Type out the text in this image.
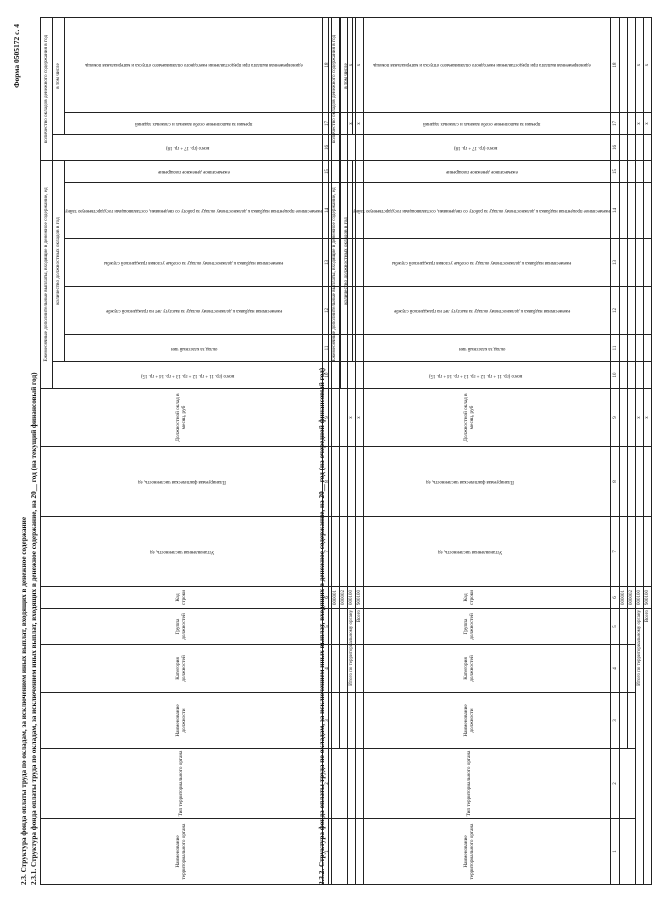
Форма 0505172 с. 4
2.3. Структура фонда оплаты труда по окладам, за исключением иных выплат, входящих в денежное содержание 2.3.1. Структура фонда оплаты труда по окладам, за исключением иных выплат, входящих в денежное содержание, на 20__ год (на текущий финансовый год)	Наименование территориального органа	Тип территориального органа	Наименование должности	Категория должностей	Группа должностей	Код строки	Установленная численность, ед	Планируемая фактическая численность, ед	Должностной оклад в месяц, руб	Ежемесячные дополнительные выплаты, входящие в денежное содержание, ед						количество окладов денежного содержания в год		

									всего (гр. 11 + гр. 12 + гр. 13 + гр. 14 + гр. 15)	количество должностных окладов в год					всего (гр. 17 + гр. 18)	в том числе	

										оклад за классный чин	ежемесячная надбавка к должностному окладу за выслугу лет на гражданской службе	ежемесячная надбавка к должностному окладу за особые условия гражданской службы	ежемесячное процентная надбавка к должностному окладу за работу со сведениями, составляющими государственную тайну	ежемесячное денежное поощрение		премии за выполнение особо важных и сложных заданий	единовременная выплата при предоставлении ежегодного оплачиваемого отпуска и материальная помощь

1	2	3	4	5	6	7	8	9	10	11	12	13	14	15	16	17	18
					000001												
					000002												
Итого по территориальному органу					000100			x								x	x
Всего					900100			x								x	x
2.3.2. Структура фонда оплаты труда по окладам, за исключением иных выплат, входящих в денежное содержание, на 20__ год (на очередной финансовый год)	Наименование территориального органа	Тип территориального органа	Наименование должности	Категория должностей	Группа должностей	Код строки	Установленная численность, ед	Планируемая фактическая численность, ед	Должностной оклад в месяц, руб	Ежемесячные дополнительные выплаты, входящие в денежное содержание, ед						количество окладов денежного содержания в год		

									всего (гр. 11 + гр. 12 + гр. 13 + гр. 14 + гр. 15)	количество должностных окладов в год					всего (гр. 17 + гр. 18)	в том числе	

										оклад за классный чин	ежемесячная надбавка к должностному окладу за выслугу лет на гражданской службе	ежемесячная надбавка к должностному окладу за особые условия гражданской службы	ежемесячное процентная надбавка к должностному окладу за работу со сведениями, составляющими государственную тайну	ежемесячное денежное поощрение		премии за выполнение особо важных и сложных заданий	единовременная выплата при предоставлении ежегодного оплачиваемого отпуска и материальная помощь

1	2	3	4	5	6	7	8	9	10	11	12	13	14	15	16	17	18
					000001												
					000002												
Итого по территориальному органу					000100			x								x	x
Всего					900100			x								x	x
